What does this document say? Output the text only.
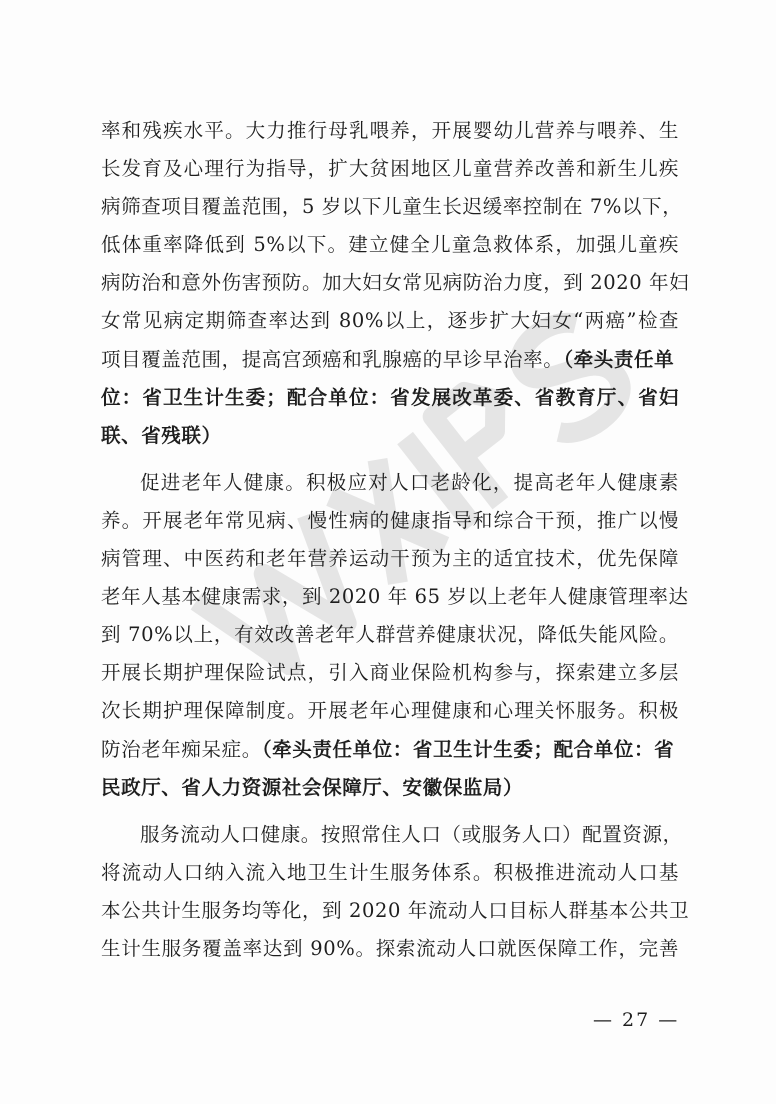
率和残疾水平。大力推行母乳喂养，开展婴幼儿营养与喂养、生
长发育及心理行为指导，扩大贫困地区儿童营养改善和新生儿疾
病筛查项目覆盖范围，5 岁以下儿童生长迟缓率控制在 7%以下，
低体重率降低到 5%以下。建立健全儿童急救体系，加强儿童疾
病防治和意外伤害预防。加大妇女常见病防治力度，到 2020 年妇
女常见病定期筛查率达到 80%以上，逐步扩大妇女“两癌”检查
项目覆盖范围，提高宫颈癌和乳腺癌的早诊早治率。（牵头责任单
位：省卫生计生委；配合单位：省发展改革委、省教育厅、省妇
联、省残联）
促进老年人健康。积极应对人口老龄化，提高老年人健康素
养。开展老年常见病、慢性病的健康指导和综合干预，推广以慢
病管理、中医药和老年营养运动干预为主的适宜技术，优先保障
老年人基本健康需求，到 2020 年 65 岁以上老年人健康管理率达
到 70%以上，有效改善老年人群营养健康状况，降低失能风险。
开展长期护理保险试点，引入商业保险机构参与，探索建立多层
次长期护理保障制度。开展老年心理健康和心理关怀服务。积极
防治老年痴呆症。（牵头责任单位：省卫生计生委；配合单位：省
民政厅、省人力资源社会保障厅、安徽保监局）
服务流动人口健康。按照常住人口（或服务人口）配置资源，
将流动人口纳入流入地卫生计生服务体系。积极推进流动人口基
本公共计生服务均等化，到 2020 年流动人口目标人群基本公共卫
生计生服务覆盖率达到 90%。探索流动人口就医保障工作，完善
— 27 —
